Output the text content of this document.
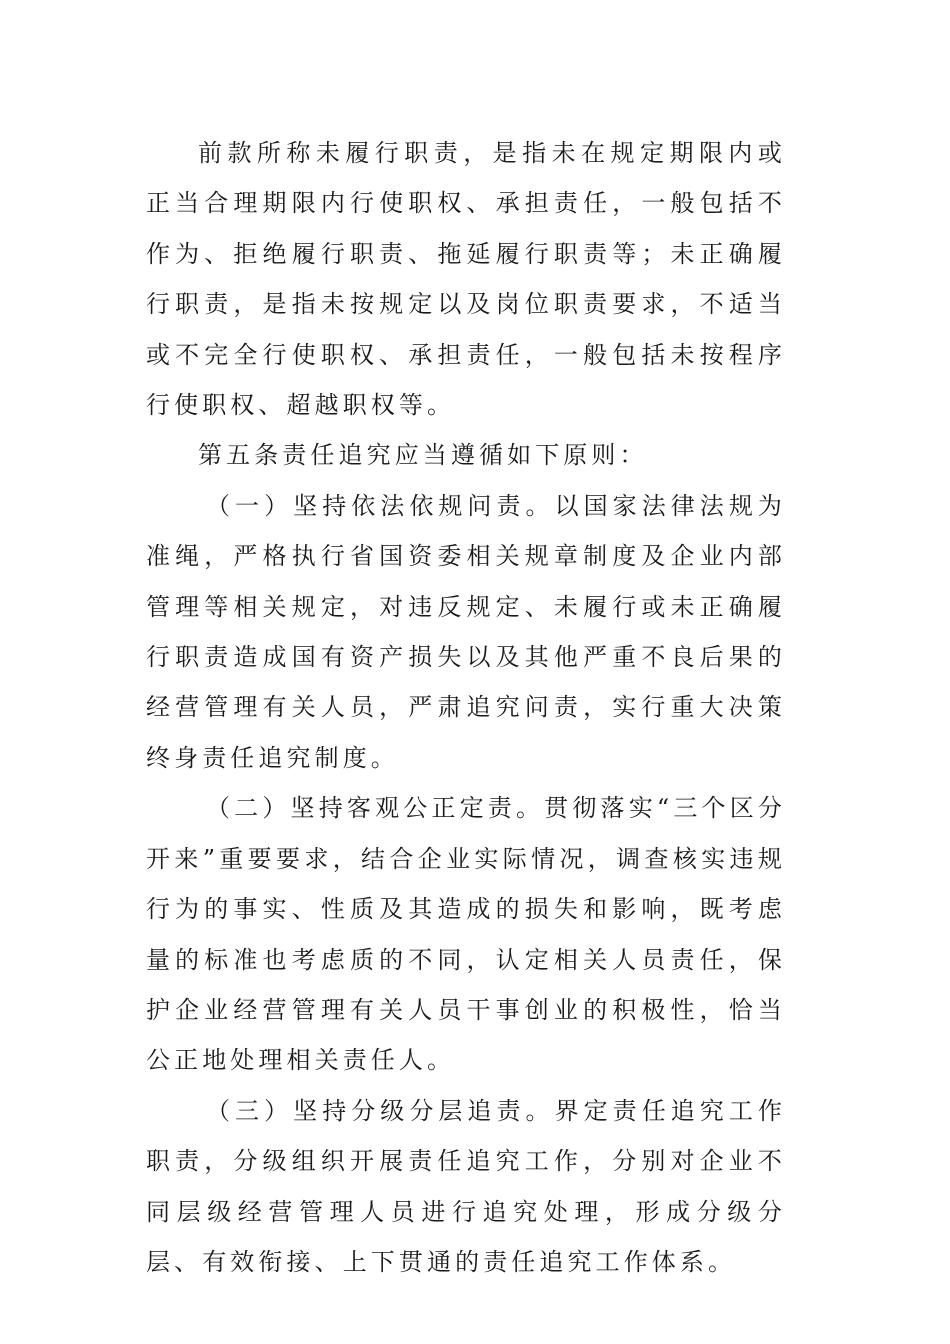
前款所称未履行职责，是指未在规定期限内或正当合理期限内行使职权、承担责任，一般包括不作为、拒绝履行职责、拖延履行职责等；未正确履行职责，是指未按规定以及岗位职责要求，不适当或不完全行使职权、承担责任，一般包括未按程序行使职权、超越职权等。

第五条责任追究应当遵循如下原则：

（一）坚持依法依规问责。以国家法律法规为准绳，严格执行省国资委相关规章制度及企业内部管理等相关规定，对违反规定、未履行或未正确履行职责造成国有资产损失以及其他严重不良后果的经营管理有关人员，严肃追究问责，实行重大决策终身责任追究制度。

（二）坚持客观公正定责。贯彻落实“三个区分开来”重要要求，结合企业实际情况，调查核实违规行为的事实、性质及其造成的损失和影响，既考虑量的标准也考虑质的不同，认定相关人员责任，保护企业经营管理有关人员干事创业的积极性，恰当公正地处理相关责任人。

（三）坚持分级分层追责。界定责任追究工作职责，分级组织开展责任追究工作，分别对企业不同层级经营管理人员进行追究处理，形成分级分层、有效衔接、上下贯通的责任追究工作体系。
